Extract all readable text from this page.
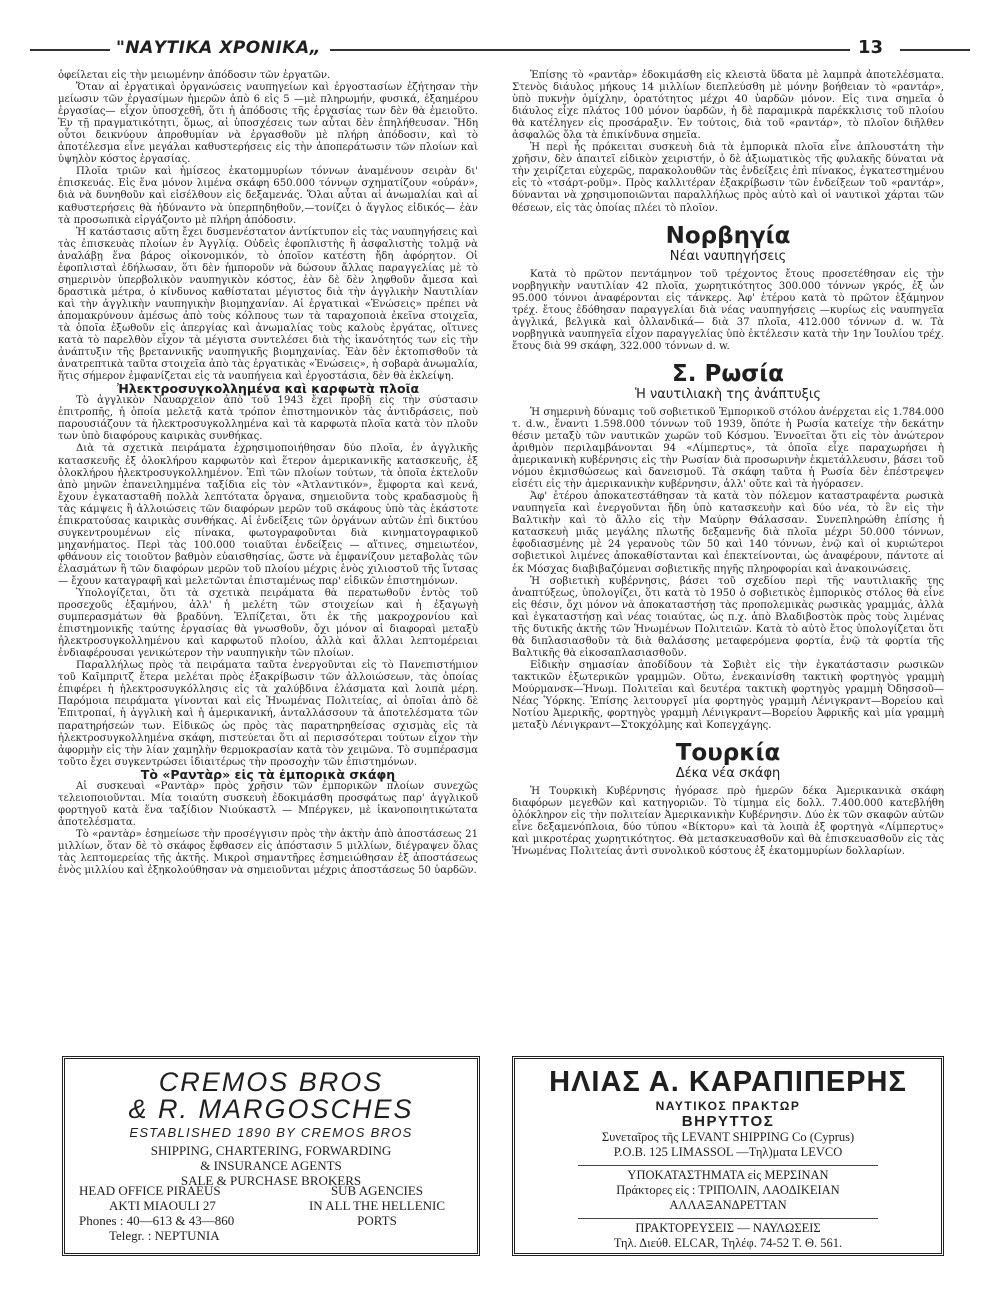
"ΝΑΥΤΙΚΑ ΧΡΟΝΙΚΑ„	13

ὀφείλεται εἰς τὴν μειωμένην ἀπόδοσιν τῶν ἐργατῶν.

Ὅταν αἱ ἐργατικαὶ ὀργανώσεις ναυπηγείων καὶ ἐργοστασίων ἐζήτησαν τὴν μείωσιν τῶν ἐργασίμων ἡμερῶν ἀπὸ 6 εἰς 5 —μὲ πληρωμήν, φυσικά, ἑξαημέρου ἐργασίας— εἶχον ὑποσχεθῆ, ὅτι ἡ ἀπόδοσις τῆς ἐργασίας των δὲν θὰ ἐμειοῦτο. Ἐν τῇ πραγματικότητι, ὅμως, αἱ ὑποσχέσεις των αὗται δὲν ἐπηλήθευσαν. Ἤδη οὗτοι δεικνύουν ἀπροθυμίαν νὰ ἐργασθοῦν μὲ πλήρη ἀπόδοσιν, καὶ τὸ ἀποτέλεσμα εἶνε μεγάλαι καθυστερήσεις εἰς τὴν ἀποπεράτωσιν τῶν πλοίων καὶ ὑψηλὸν κόστος ἐργασίας.

Πλοῖα τριῶν καὶ ἡμίσεος ἑκατομμυρίων τόννων ἀναμένουν σειρὰν δι' ἐπισκευάς. Εἰς ἕνα μόνον λιμένα σκάφη 650.000 τόννων σχηματίζουν «οὐράν», διὰ νὰ δυνηθοῦν καὶ εἰσέλθουν εἰς δεξαμενάς. Ὅλαι αὗται αἱ ἀνωμαλίαι καὶ αἱ καθυστερήσεις θὰ ἠδύναντο νὰ ὑπερπηδηθοῦν,—τονίζει ὁ ἄγγλος εἰδικός— ἐὰν τὰ προσωπικὰ εἰργάζοντο μὲ πλήρη ἀπόδοσιν.

Ἡ κατάστασις αὕτη ἔχει δυσμενέστατον ἀντίκτυπον εἰς τὰς ναυπηγήσεις καὶ τὰς ἐπισκευὰς πλοίων ἐν Ἀγγλίᾳ. Οὐδεὶς ἐφοπλιστὴς ἢ ἀσφαλιστὴς τολμᾷ νὰ ἀναλάβῃ ἕνα βάρος οἰκονομικόν, τὸ ὁποῖον κατέστη ἤδη ἀφόρητον. Οἱ ἐφοπλισταὶ ἐδήλωσαν, ὅτι δὲν ἠμποροῦν νὰ δώσουν ἄλλας παραγγελίας μὲ τὸ σημερινὸν ὑπερβολικὸν ναυπηγικὸν κόστος, ἐὰν δὲ δὲν ληφθοῦν ἄμεσα καὶ δραστικὰ μέτρα, ὁ κίνδυνος καθίσταται μέγιστος διὰ τὴν ἀγγλικὴν Ναυτιλίαν καὶ τὴν ἀγγλικὴν ναυπηγικὴν βιομηχανίαν. Αἱ ἐργατικαὶ «Ἑνώσεις» πρέπει νὰ ἀπομακρύνουν ἀμέσως ἀπὸ τοὺς κόλπους των τὰ ταραχοποιὰ ἐκεῖνα στοιχεῖα, τὰ ὁποῖα ἐξωθοῦν εἰς ἀπεργίας καὶ ἀνωμαλίας τοὺς καλοὺς ἐργάτας, οἵτινες κατὰ τὸ παρελθὸν εἶχον τὰ μέγιστα συντελέσει διὰ τὴς ἱκανότητός των εἰς τὴν ἀνάπτυξιν τῆς βρεταννικῆς ναυπηγικῆς βιομηχανίας. Ἐὰν δὲν ἐκτοπισθοῦν τὰ ἀνατρεπτικὰ ταῦτα στοιχεῖα ἀπὸ τὰς ἐργατικὰς «Ἑνώσεις», ἡ σοβαρὰ ἀνωμαλία, ἥτις σήμερον ἐμφανίζεται εἰς τὰ ναυπήγεια καὶ ἐργοστάσια, δὲν θὰ ἐκλείψη.

Ἠλεκτροσυγκολλημένα καὶ καρφωτὰ πλοῖα

Τὸ ἀγγλικὸν Ναυαρχεῖον ἀπὸ τοῦ 1943 ἔχει προβῆ εἰς τὴν σύστασιν ἐπιτροπῆς, ἡ ὁποία μελετᾷ κατὰ τρόπον ἐπιστημονικὸν τὰς ἀντιδράσεις, ποὺ παρουσιάζουν τὰ ἠλεκτροσυγκολλημένα καὶ τὰ καρφωτὰ πλοῖα κατὰ τὸν πλοῦν των ὑπὸ διαφόρους καιρικὰς συνθήκας.

Διὰ τὰ σχετικὰ πειράματα ἐχρησιμοποιήθησαν δύο πλοῖα, ἐν ἀγγλικῆς κατασκευῆς ἐξ ὁλοκλήρου καρφωτὸν καὶ ἕτερον ἀμερικανικῆς κατασκευῆς, ἐξ ὁλοκλήρου ἠλεκτροσυγκολλημένον. Ἐπὶ τῶν πλοίων τούτων, τὰ ὁποῖα ἐκτελοῦν ἀπὸ μηνῶν ἐπανειλημμένα ταξίδια εἰς τὸν «Ἀτλαντικόν», ἔμφορτα καὶ κενά, ἔχουν ἐγκατασταθῆ πολλὰ λεπτότατα ὄργανα, σημειοῦντα τοὺς κραδασμοὺς ἢ τὰς κάμψεις ἢ ἀλλοιώσεις τῶν διαφόρων μερῶν τοῦ σκάφους ὑπὸ τὰς ἑκάστοτε ἐπικρατούσας καιρικὰς συνθήκας. Αἱ ἐνδείξεις τῶν ὀργάνων αὐτῶν ἐπὶ δικτύου συγκεντρουμένων εἰς πίνακα, φωτογραφοῦνται διὰ κινηματογραφικοῦ μηχανήματος. Περὶ τὰς 100.000 τοιαῦται ἐνδείξεις — αἵτινες, σημειωτέον, φθάνουν εἰς τοιοῦτον βαθμὸν εὐαισθησίας, ὥστε νὰ ἐμφανίζουν μεταβολὰς τῶν ἐλασμάτων ἢ τῶν διαφόρων μερῶν τοῦ πλοίου μέχρις ἑνὸς χιλιοστοῦ τῆς ἴντσας— ἔχουν καταγραφῆ καὶ μελετῶνται ἐπισταμένως παρ' εἰδικῶν ἐπιστημόνων.

Ὑπολογίζεται, ὅτι τὰ σχετικὰ πειράματα θὰ περατωθοῦν ἐντὸς τοῦ προσεχοῦς ἑξαμήνου, ἀλλ' ἡ μελέτη τῶν στοιχείων καὶ ἡ ἐξαγωγὴ συμπερασμάτων θὰ βραδύνη. Ἐλπίζεται, ὅτι ἐκ τῆς μακροχρονίου καὶ ἐπιστημονικῆς ταύτης ἐργασίας θὰ γνωσθοῦν, ὄχι μόνον αἱ διαφοραὶ μεταξὺ ἠλεκτροσυγκολλημένου καὶ καρφωτοῦ πλοίου, ἀλλὰ καὶ ἄλλαι λεπτομέρειαι ἐνδιαφέρουσαι γενικώτερον τὴν ναυπηγικὴν τῶν πλοίων.

Παραλλήλως πρὸς τὰ πειράματα ταῦτα ἐνεργοῦνται εἰς τὸ Πανεπιστήμιον τοῦ Καῖμπριτζ ἕτερα μελέται πρὸς ἐξακρίβωσιν τῶν ἀλλοιώσεων, τὰς ὁποίας ἐπιφέρει ἡ ἠλεκτροσυγκόλλησις εἰς τὰ χαλύβδινα ἐλάσματα καὶ λοιπὰ μέρη. Παρόμοια πειράματα γίνονται καὶ εἰς Ἡνωμένας Πολιτείας, αἱ ὁποῖαι ἀπὸ δὲ Ἐπιτροπαί, ἡ ἀγγλικὴ καὶ ἡ ἀμερικανική, ἀνταλλάσσουν τὰ ἀποτελέσματα τῶν παρατηρήσεών των. Εἰδικῶς ὡς πρὸς τὰς παρατηρηθείσας σχισμὰς εἰς τὰ ἠλεκτροσυγκολλημένα σκάφη, πιστεύεται ὅτι αἱ περισσότεραι τούτων εἶχον τὴν ἀφορμὴν εἰς τὴν λίαν χαμηλὴν θερμοκρασίαν κατὰ τὸν χειμῶνα. Τὸ συμπέρασμα τοῦτο ἔχει συγκεντρώσει ἰδιαιτέρως τὴν προσοχὴν τῶν ἐπιστημόνων.

Τὸ «Ραντὰρ» εἰς τὰ ἐμπορικὰ σκάφη

Αἱ συσκευαὶ «Ραντὰρ» πρὸς χρῆσιν τῶν ἐμπορικῶν πλοίων συνεχῶς τελειοποιοῦνται. Μία τοιαύτη συσκευὴ ἐδοκιμάσθη προσφάτως παρ' ἀγγλικοῦ φορτηγοῦ κατὰ ἕνα ταξίδιον Νιούκαστλ — Μπέργκεν, μὲ ἱκανοποιητικώτατα ἀποτελέσματα.

Τὸ «ραντὰρ» ἐσημείωσε τὴν προσέγγισιν πρὸς τὴν ἀκτὴν ἀπὸ ἀποστάσεως 21 μιλλίων, ὅταν δὲ τὸ σκάφος ἔφθασεν εἰς ἀπόστασιν 5 μιλλίων, διέγραψεν ὅλας τὰς λεπτομερείας τῆς ἀκτῆς. Μικροὶ σημαντῆρες ἐσημειώθησαν ἐξ ἀποστάσεως ἑνὸς μιλλίου καὶ ἐξηκολούθησαν νὰ σημειοῦνται μέχρις ἀποστάσεως 50 ὑαρδῶν.

Ἐπίσης τὸ «ραντὰρ» ἐδοκιμάσθη εἰς κλειστὰ ὕδατα μὲ λαμπρὰ ἀποτελέσματα. Στενὸς διάυλος μήκους 14 μιλλίων διεπλεύσθη μὲ μόνην βοήθειαν τὸ «ραντάρ», ὑπὸ πυκνὴν ὁμίχλην, ὁρατότητος μέχρι 40 ὑαρδῶν μόνον. Εἰς τινα σημεῖα ὁ διάυλος εἶχε πλάτος 100 μόνον ὑαρδῶν, ἡ δὲ παραμικρὰ παρέκκλισις τοῦ πλοίου θὰ κατέληγεν εἰς προσάραξιν. Ἐν τούτοις, διὰ τοῦ «ραντάρ», τὸ πλοῖον διῆλθεν ἀσφαλῶς ὅλα τὰ ἐπικίνδυνα σημεῖα.

Ἡ περὶ ἧς πρόκειται συσκευὴ διὰ τὰ ἐμπορικὰ πλοῖα εἶνε ἁπλουστάτη τὴν χρῆσιν, δὲν ἀπαιτεῖ εἰδικὸν χειριστήν, ὁ δὲ ἀξιωματικὸς τῆς φυλακῆς δύναται νὰ τὴν χειρίζεται εὐχερῶς, παρακολουθῶν τὰς ἐνδείξεις ἐπὶ πίνακος, ἐγκατεστημένου εἰς τὸ «τσάρτ-ροῦμ». Πρὸς καλλιτέραν ἐξακρίβωσιν τῶν ἐνδείξεων τοῦ «ραντάρ», δύνανται νὰ χρησιμοποιῶνται παραλλήλως πρὸς αὐτὸ καὶ οἱ ναυτικοὶ χάρται τῶν θέσεων, εἰς τὰς ὁποίας πλέει τὸ πλοῖον.

Νορβηγία
Νέαι ναυπηγήσεις

Κατὰ τὸ πρῶτον πεντάμηνον τοῦ τρέχοντος ἔτους προσετέθησαν εἰς τὴν νορβηγικὴν ναυτιλίαν 42 πλοῖα, χωρητικότητος 300.000 τόννων γκρός, ἐξ ὧν 95.000 τόννοι ἀναφέρονται εἰς τάνκερς. Ἀφ' ἑτέρου κατὰ τὸ πρῶτον ἑξάμηνον τρέχ. ἔτους ἐδόθησαν παραγγελίαι διὰ νέας ναυπηγήσεις —κυρίως εἰς ναυπηγεῖα ἀγγλικά, βελγικὰ καὶ ὁλλανδικά— διὰ 37 πλοῖα, 412.000 τόννων d. w. Τὰ νορβηγικὰ ναυπηγεῖα εἶχον παραγγελίας ὑπὸ ἐκτέλεσιν κατὰ τὴν 1ην Ἰουλίου τρέχ. ἔτους διὰ 99 σκάφη, 322.000 τόννων d. w.

Σ. Ρωσία
Ἡ ναυτιλιακὴ της ἀνάπτυξις

Ἡ σημερινὴ δύναμις τοῦ σοβιετικοῦ Ἐμπορικοῦ στόλου ἀνέρχεται εἰς 1.784.000 τ. d.w., ἔναντι 1.598.000 τόννων τοῦ 1939, ὅπότε ἡ Ρωσία κατείχε τὴν δεκάτην θέσιν μεταξὺ τῶν ναυτικῶν χωρῶν τοῦ Κόσμου. Ἐννοεῖται ὅτι εἰς τὸν ἀνώτερον ἀριθμὸν περιλαμβάνονται 94 «Λίμπερτυς», τὰ ὁποῖα εἶχε παραχωρήσει ἡ ἀμερικανικὴ κυβέρνησις εἰς τὴν Ρωσίαν διὰ προσωρινὴν ἐκμετάλλευσιν, βάσει τοῦ νόμου ἐκμισθώσεως καὶ δανεισμοῦ. Τὰ σκάφη ταῦτα ἡ Ρωσία δὲν ἐπέστρεψεν εἰσέτι εἰς τὴν ἀμερικανικὴν κυβέρνησιν, ἀλλ' οὔτε καὶ τὰ ἠγόρασεν.

Ἀφ' ἑτέρου ἀποκατεστάθησαν τὰ κατὰ τὸν πόλεμον καταστραφέντα ρωσικὰ ναυπηγεῖα καὶ ἐνεργοῦνται ἤδη ὑπὸ κατασκευὴν καὶ δύο νέα, τὸ ἓν εἰς τὴν Βαλτικὴν καὶ τὸ ἄλλο εἰς τὴν Μαύρην Θάλασσαν. Συνεπληρώθη ἐπίσης ἡ κατασκευὴ μιᾶς μεγάλης πλωτῆς δεξαμενῆς διὰ πλοῖα μέχρι 50.000 τόννων, ἐφοδιασμένης μὲ 24 γερανοὺς τῶν 50 καὶ 140 τόννων, ἐνῷ καὶ οἱ κυριώτεροι σοβιετικοὶ λιμένες ἀποκαθίστανται καὶ ἐπεκτείνονται, ὡς ἀναφέρουν, πάντοτε αἱ ἐκ Μόσχας διαβιβαζόμεναι σοβιετικῆς πηγῆς πληροφορίαι καὶ ἀνακοινώσεις.

Ἡ σοβιετικὴ κυβέρνησις, βάσει τοῦ σχεδίου περὶ τῆς ναυτιλιακῆς της ἀναπτύξεως, ὑπολογίζει, ὅτι κατὰ τὸ 1950 ὁ σοβιετικὸς ἐμπορικὸς στόλος θὰ εἶνε εἰς θέσιν, ὄχι μόνον νὰ ἀποκαταστήσῃ τὰς προπολεμικὰς ρωσικὰς γραμμάς, ἀλλὰ καὶ ἐγκαταστήσῃ καὶ νέας τοιαύτας, ὡς π.χ. ἀπὸ Βλαδιβοστὸκ πρὸς τοὺς λιμένας τῆς δυτικῆς ἀκτῆς τῶν Ἡνωμένων Πολιτειῶν. Κατὰ τὸ αὐτὸ ἔτος ὑπολογίζεται ὅτι θὰ διπλασιασθοῦν τὰ διὰ θαλάσσης μεταφερόμενα φορτία, ἐνῷ τὰ φορτία τῆς Βαλτικῆς θὰ εἰκοσαπλασιασθοῦν.

Εἰδικὴν σημασίαν ἀποδίδουν τὰ Σοβιὲτ εἰς τὴν ἐγκατάστασιν ρωσικῶν τακτικῶν ἐξωτερικῶν γραμμῶν. Οὕτω, ἐνεκαινίσθη τακτικὴ φορτηγὸς γραμμὴ Μούρμανσκ—Ἡνωμ. Πολιτεῖαι καὶ δευτέρα τακτικὴ φορτηγὸς γραμμὴ Ὀδησσοῦ—Νέας Ὑόρκης. Ἐπίσης λειτουργεῖ μία φορτηγὸς γραμμὴ Λένιγκραντ—Βορείου καὶ Νοτίου Ἀμερικῆς, φορτηγὸς γραμμὴ Λένιγκραντ—Βορείου Ἀφρικῆς καὶ μία γραμμὴ μεταξὺ Λένιγκραντ—Στοκχόλμης καὶ Κοπεγχάγης.

Τουρκία
Δέκα νέα σκάφη

Ἡ Τουρκικὴ Κυβέρνησις ἠγόρασε πρὸ ἡμερῶν δέκα Ἀμερικανικὰ σκάφη διαφόρων μεγεθῶν καὶ κατηγοριῶν. Τὸ τίμημα εἰς δολλ. 7.400.000 κατεβλήθη ὁλόκληρον εἰς τὴν πολιτείαν Ἀμερικανικὴν Κυβέρνησιν. Δύο ἐκ τῶν σκαφῶν αὐτῶν εἶνε δεξαμενόπλοια, δύο τύπου «Βίκτορυ» καὶ τὰ λοιπὰ ἐξ φορτηγὰ «Λίμπερτυς» καὶ μικροτέρας χωρητικότητος. Θὰ μετασκευασθοῦν καὶ θὰ ἐπισκευασθοῦν εἰς τὰς Ἡνωμένας Πολιτείας ἀντὶ συνολικοῦ κόστους ἐξ ἑκατομμυρίων δολλαρίων.

CREMOS BROS
& R. MARGOSCHES
ESTABLISHED 1890 BY CREMOS BROS
SHIPPING, CHARTERING, FORWARDING
& INSURANCE AGENTS
SALE & PURCHASE BROKERS
HEAD OFFICE PIRAEUS
AKTI MIAOULI 27
Phones : 40—613 & 43—860
Telegr. : NEPTUNIA
SUB AGENCIES
IN ALL THE HELLENIC
PORTS
ΗΛΙΑΣ Α. ΚΑΡΑΠΙΠΕΡΗΣ
ΝΑΥΤΙΚΟΣ ΠΡΑΚΤΩΡ
ΒΗΡΥΤΤΟΣ
Συνεταῖρος τῆς LEVANT SHIPPING Co (Cyprus)
P.O.B. 125 LIMASSOL —Τηλ)ματα LEVCO
ΥΠΟΚΑΤΑΣΤΗΜΑΤΑ εἰς ΜΕΡΣΙΝΑΝ
Πράκτορες εἰς : ΤΡΙΠΟΛΙΝ, ΛΑΟΔΙΚΕΙΑΝ
ΑΛΛΑΞΑΝΔΡΕΤΤΑΝ
ΠΡΑΚΤΟΡΕΥΣΕΙΣ — ΝΑΥΛΩΣΕΙΣ
Τηλ. Διεύθ. ELCAR, Τηλέφ. 74-52 Τ. Θ. 561.
